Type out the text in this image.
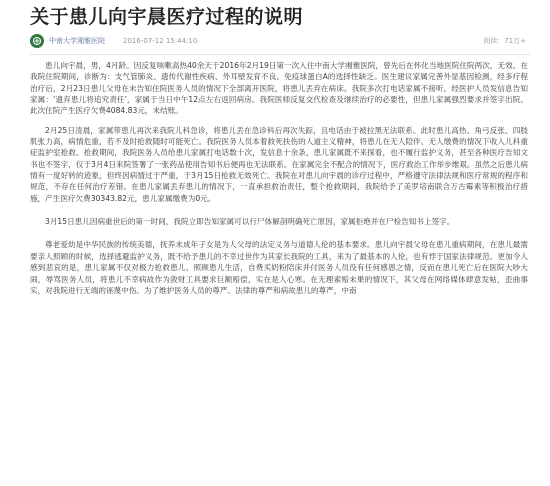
关于患儿向宇晨医疗过程的说明
中南大学湘雅医院	2016-07-12 15:44:10	阅读：71万+

患儿向宇晨，男，4月龄。因反复咳嗽高热40余天于2016年2月19日第一次入住中南大学湘雅医院，曾先后在怀化当地医院住院两次，无效。在我院住院期间，诊断为：支气管肺炎、遗传代谢性疾病、外耳壁发育不良、免疫球蛋白A的选择性缺乏。医生建议家属完善外显基因检测，经多疗程治疗后，2月23日患儿父母在未告知住院医务人员的情况下全部离开医院，将患儿丢弃在病床。我院多次打电话家属不接听，经医护人员发信息告知家属：‘遗弃患儿将追究责任’，家属于当日中午12点左右返回病房。我院医师反复交代检查及继续治疗的必要性，但患儿家属强烈要求并签字出院。此次住院产生医疗欠费4084.83元，未结账。

2月25日凌晨，家属带患儿再次来我院儿科急诊，将患儿丢在急诊科后再次失踪，且电话由于被拉黑无法联系。此时患儿高热、角弓反张、四肢肌张力高，病情危重，若不及时抢救随时可能死亡。我院医务人员本着救死扶伤的人道主义精神，将患儿在无人陪伴、无人缴费的情况下收入儿科重症监护室抢救。抢救期间，我院医务人员给患儿家属打电话数十次，发信息十余条，患儿家属既不来探看，也不履行监护义务，甚至各种医疗告知文书也不签字，仅于3月4日来院签署了一张药品使用告知书后便再也无法联系。在家属完全不配合的情况下，医疗救治工作举步维艰。虽然之后患儿病情有一度好转的迹象，但终因病情过于严重，于3月15日抢救无效死亡。我院在对患儿向宇晨的诊疗过程中，严格遵守法律法规和医疗常规的程序和规范，不存在任何治疗差错。在患儿家属丢弃患儿的情况下，一直承担救治责任，整个抢救期间，我院给予了美罗培南联合万古霉素等积极治疗措施，产生医疗欠费30343.82元，患儿家属缴费为0元。

3月15日患儿因病重世后的第一时间，我院立即告知家属可以行尸体解剖明确死亡原因，家属拒绝并在尸检告知书上签字。

尊老爱幼是中华民族的传统美德，抚养未成年子女是为人父母的法定义务与道德人伦的基本要求。患儿向宇晨父母在患儿重病期间，在患儿最需要亲人照顾的时候，选择逃避监护义务，既不给予患儿的不幸过世作为其家长我院的工具，来为了最基本的人伦，也有悖于国家法律规范。更加令人感到悲哀的是，患儿家属不仅对极力抢救患儿、照顾患儿生活，自费买奶粉陪床并付医务人员没有任何感恩之情，反而在患儿死亡后在医院大吵大闹，辱骂医务人员，将患儿不幸病故作为敛财工具要求巨额赔偿，实在是人心寒。在无理索赔未果的情况下，其父母在网络媒体肆意发帖，歪曲事实，对我院进行无端的诬蔑中伤。为了维护医务人员的尊严、法律的尊严和病故患儿的尊严，中南
